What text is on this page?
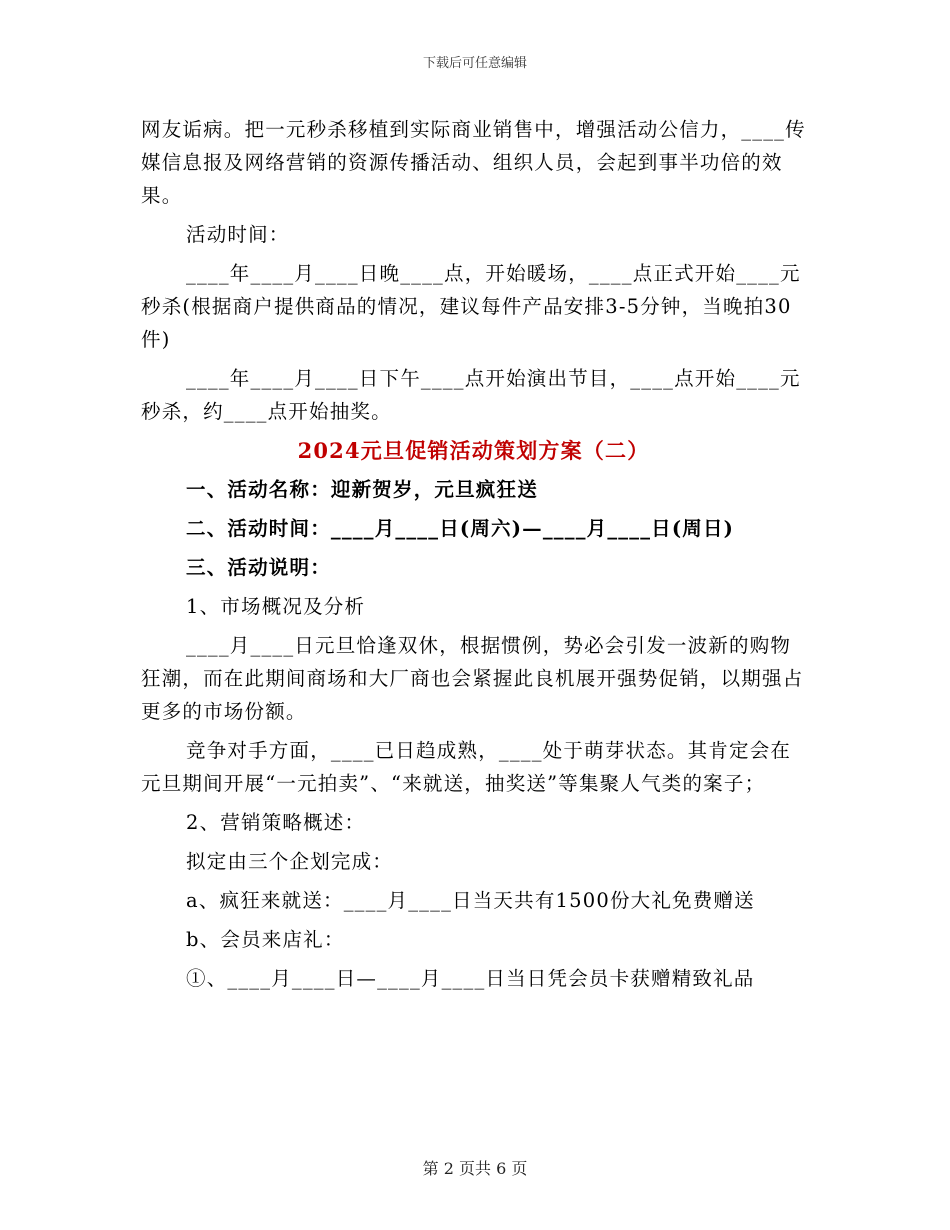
下载后可任意编辑

网友诟病。把一元秒杀移植到实际商业销售中，增强活动公信力，____传媒信息报及网络营销的资源传播活动、组织人员，会起到事半功倍的效果。

活动时间：

____年____月____日晚____点，开始暖场，____点正式开始____元秒杀(根据商户提供商品的情况，建议每件产品安排3-5分钟，当晚拍30件)

____年____月____日下午____点开始演出节目，____点开始____元秒杀，约____点开始抽奖。

2024元旦促销活动策划方案（二）

一、活动名称：迎新贺岁，元旦疯狂送

二、活动时间：____月____日(周六)—____月____日(周日)

三、活动说明：

1、市场概况及分析

____月____日元旦恰逢双休，根据惯例，势必会引发一波新的购物狂潮，而在此期间商场和大厂商也会紧握此良机展开强势促销，以期强占更多的市场份额。

竞争对手方面，____已日趋成熟，____处于萌芽状态。其肯定会在元旦期间开展“一元拍卖”、“来就送，抽奖送”等集聚人气类的案子；

2、营销策略概述：

拟定由三个企划完成：

a、疯狂来就送：____月____日当天共有1500份大礼免费赠送

b、会员来店礼：

①、____月____日—____月____日当日凭会员卡获赠精致礼品

第 2 页共 6 页
